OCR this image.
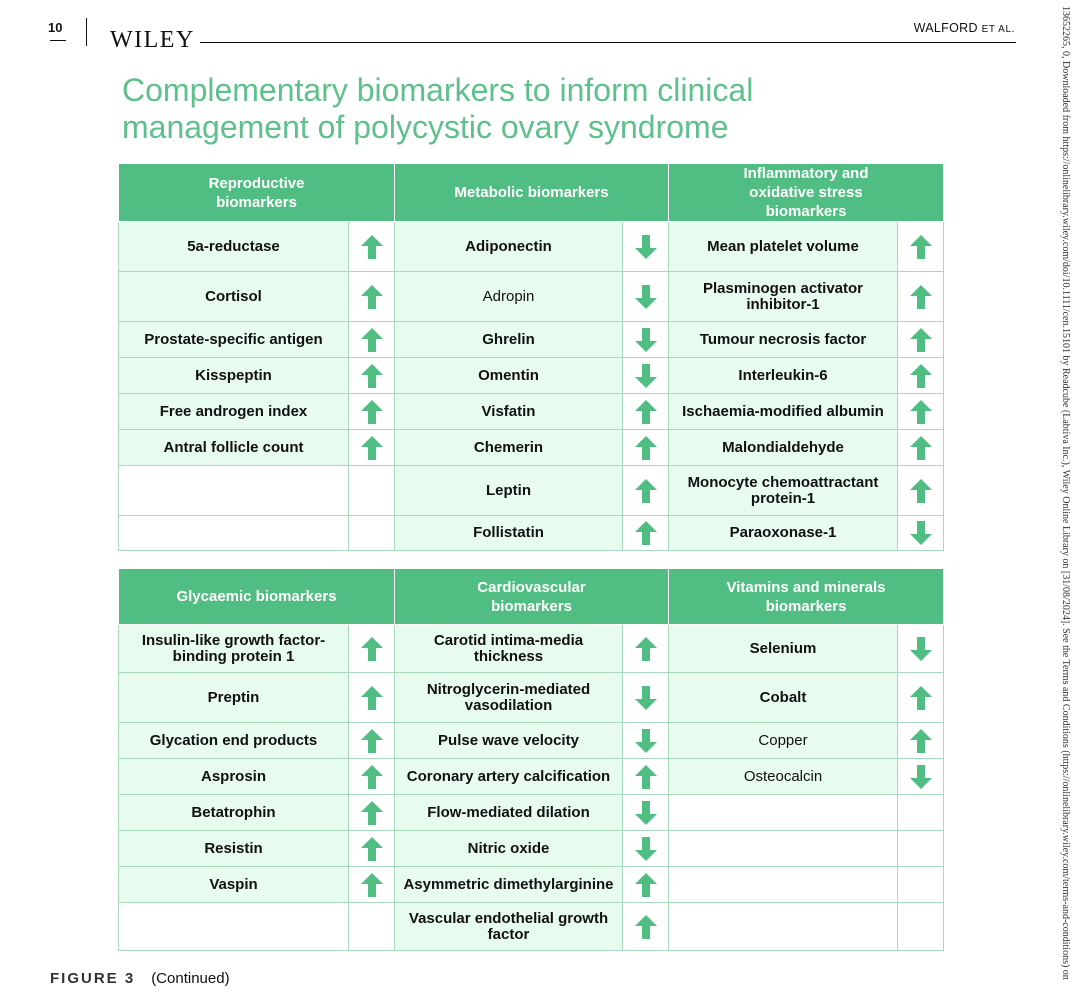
10 WILEY	WALFORD ET AL.	13652265, 0, Downloaded from https://onlinelibrary.wiley.com/doi/10.1111/cen.15101 by Readcube (Labtiva Inc.), Wiley Online Library on [31/08/2024]. See the Terms and Conditions (https://onlinelibrary.wiley.com/terms-and-conditions) on
Complementary biomarkers to inform clinical
management of polycystic ovary syndrome
Reproductive biomarkers		Metabolic biomarkers		Inflammatory and oxidative stress biomarkers	

5a-reductase		Adiponectin		Mean platelet volume

Cortisol		Adropin		Plasminogen activator inhibitor-1

Prostate-specific antigen		Ghrelin		Tumour necrosis factor

Kisspeptin		Omentin		Interleukin-6

Free androgen index		Visfatin		Ischaemia-modified albumin

Antral follicle count		Chemerin		Malondialdehyde

		Leptin		Monocyte chemoattractant protein-1

		Follistatin		Paraoxonase-1

Glycaemic biomarkers		Cardiovascular biomarkers		Vitamins and minerals biomarkers	

Insulin-like growth factor-binding protein 1		Carotid intima-media thickness		Selenium

Preptin		Nitroglycerin-mediated vasodilation		Cobalt

Glycation end products		Pulse wave velocity		Copper

Asprosin		Coronary artery calcification		Osteocalcin

Betatrophin		Flow-mediated dilation

Resistin		Nitric oxide

Vaspin		Asymmetric dimethylarginine

		Vascular endothelial growth factor

FIGURE 3 (Continued)
